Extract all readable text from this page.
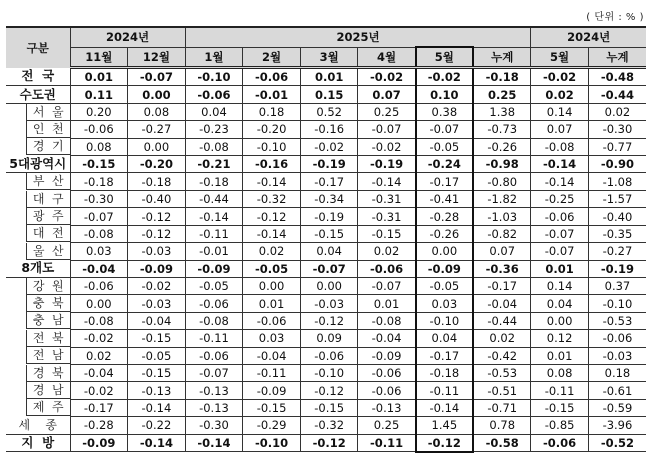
( 단위 : % )
구분	2024년		2025년						2024년	
	11월	12월	1월	2월	3월	4월	5월	누계	5월	누계
전  국	0.01	-0.07	-0.10	-0.06	0.01	-0.02	-0.02	-0.18	-0.02	-0.48
수도권	0.11	0.00	-0.06	-0.01	0.15	0.07	0.10	0.25	0.02	-0.44

서  울	0.20	0.08	0.04	0.18	0.52	0.25	0.38	1.38	0.14	0.02

인  천	-0.06	-0.27	-0.23	-0.20	-0.16	-0.07	-0.07	-0.73	0.07	-0.30

경  기	0.08	0.00	-0.08	-0.10	-0.02	-0.02	-0.05	-0.26	-0.08	-0.77
5대광역시	-0.15	-0.20	-0.21	-0.16	-0.19	-0.19	-0.24	-0.98	-0.14	-0.90

부  산	-0.18	-0.18	-0.18	-0.14	-0.17	-0.14	-0.17	-0.80	-0.14	-1.08

대  구	-0.30	-0.40	-0.44	-0.32	-0.34	-0.31	-0.41	-1.82	-0.25	-1.57

광  주	-0.07	-0.12	-0.14	-0.12	-0.19	-0.31	-0.28	-1.03	-0.06	-0.40

대  전	-0.08	-0.12	-0.11	-0.14	-0.15	-0.15	-0.26	-0.82	-0.07	-0.35

울  산	0.03	-0.03	-0.01	0.02	0.04	0.02	0.00	0.07	-0.07	-0.27
8개도	-0.04	-0.09	-0.09	-0.05	-0.07	-0.06	-0.09	-0.36	0.01	-0.19

강  원	-0.06	-0.02	-0.05	0.00	0.00	-0.07	-0.05	-0.17	0.14	0.37

충  북	0.00	-0.03	-0.06	0.01	-0.03	0.01	0.03	-0.04	0.04	-0.10

충  남	-0.08	-0.04	-0.08	-0.06	-0.12	-0.08	-0.10	-0.44	0.00	-0.53

전  북	-0.02	-0.15	-0.11	0.03	0.09	-0.04	0.04	0.02	0.12	-0.06

전  남	0.02	-0.05	-0.06	-0.04	-0.06	-0.09	-0.17	-0.42	0.01	-0.03

경  북	-0.04	-0.15	-0.07	-0.11	-0.10	-0.06	-0.18	-0.53	0.08	0.18

경  남	-0.02	-0.13	-0.13	-0.09	-0.12	-0.06	-0.11	-0.51	-0.11	-0.61

제  주	-0.17	-0.14	-0.13	-0.15	-0.15	-0.13	-0.14	-0.71	-0.15	-0.59
세    종	-0.28	-0.22	-0.30	-0.29	-0.32	0.25	1.45	0.78	-0.85	-3.96
지  방	-0.09	-0.14	-0.14	-0.10	-0.12	-0.11	-0.12	-0.58	-0.06	-0.52
